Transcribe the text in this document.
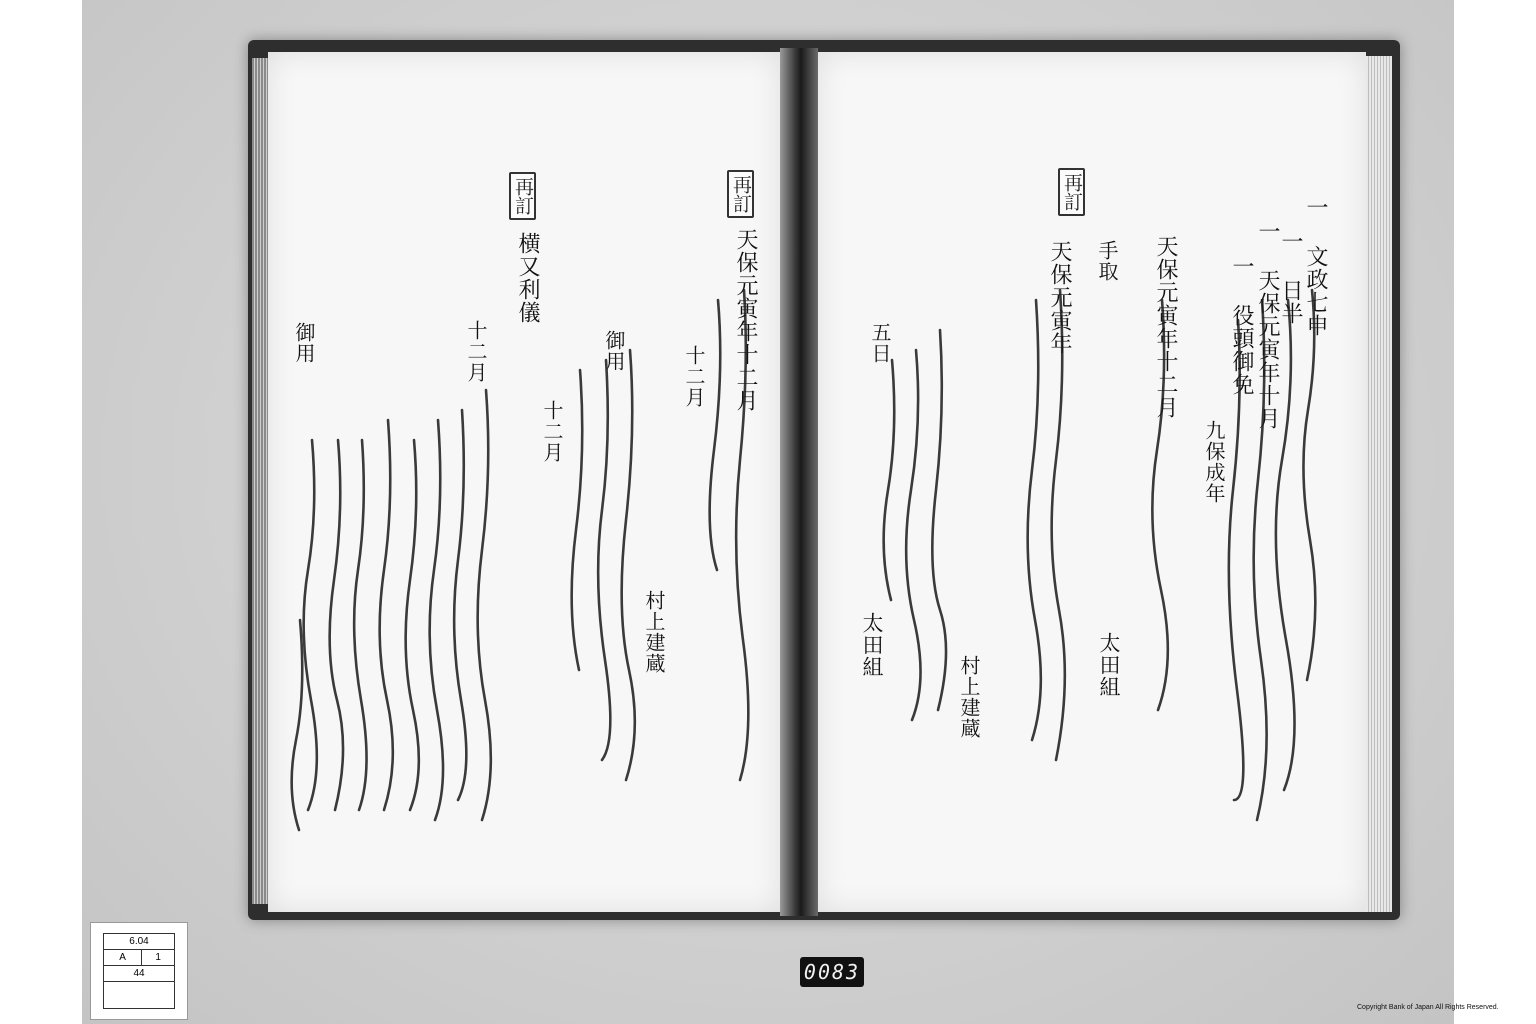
再訂
一 文政七申
一 日半
一 天保元寅年十月
一 役頭御免
九保成年
天保元寅年十二月
手取
天保元寅年
太田組
村上建蔵
太田組
五日
再訂
再訂
天保元寅年十二月
十二月
十二月
村上建蔵
御用
十二月
横又利儀
御用
6.04
A	1
44	0083
Copyright Bank of Japan All Rights Reserved.
